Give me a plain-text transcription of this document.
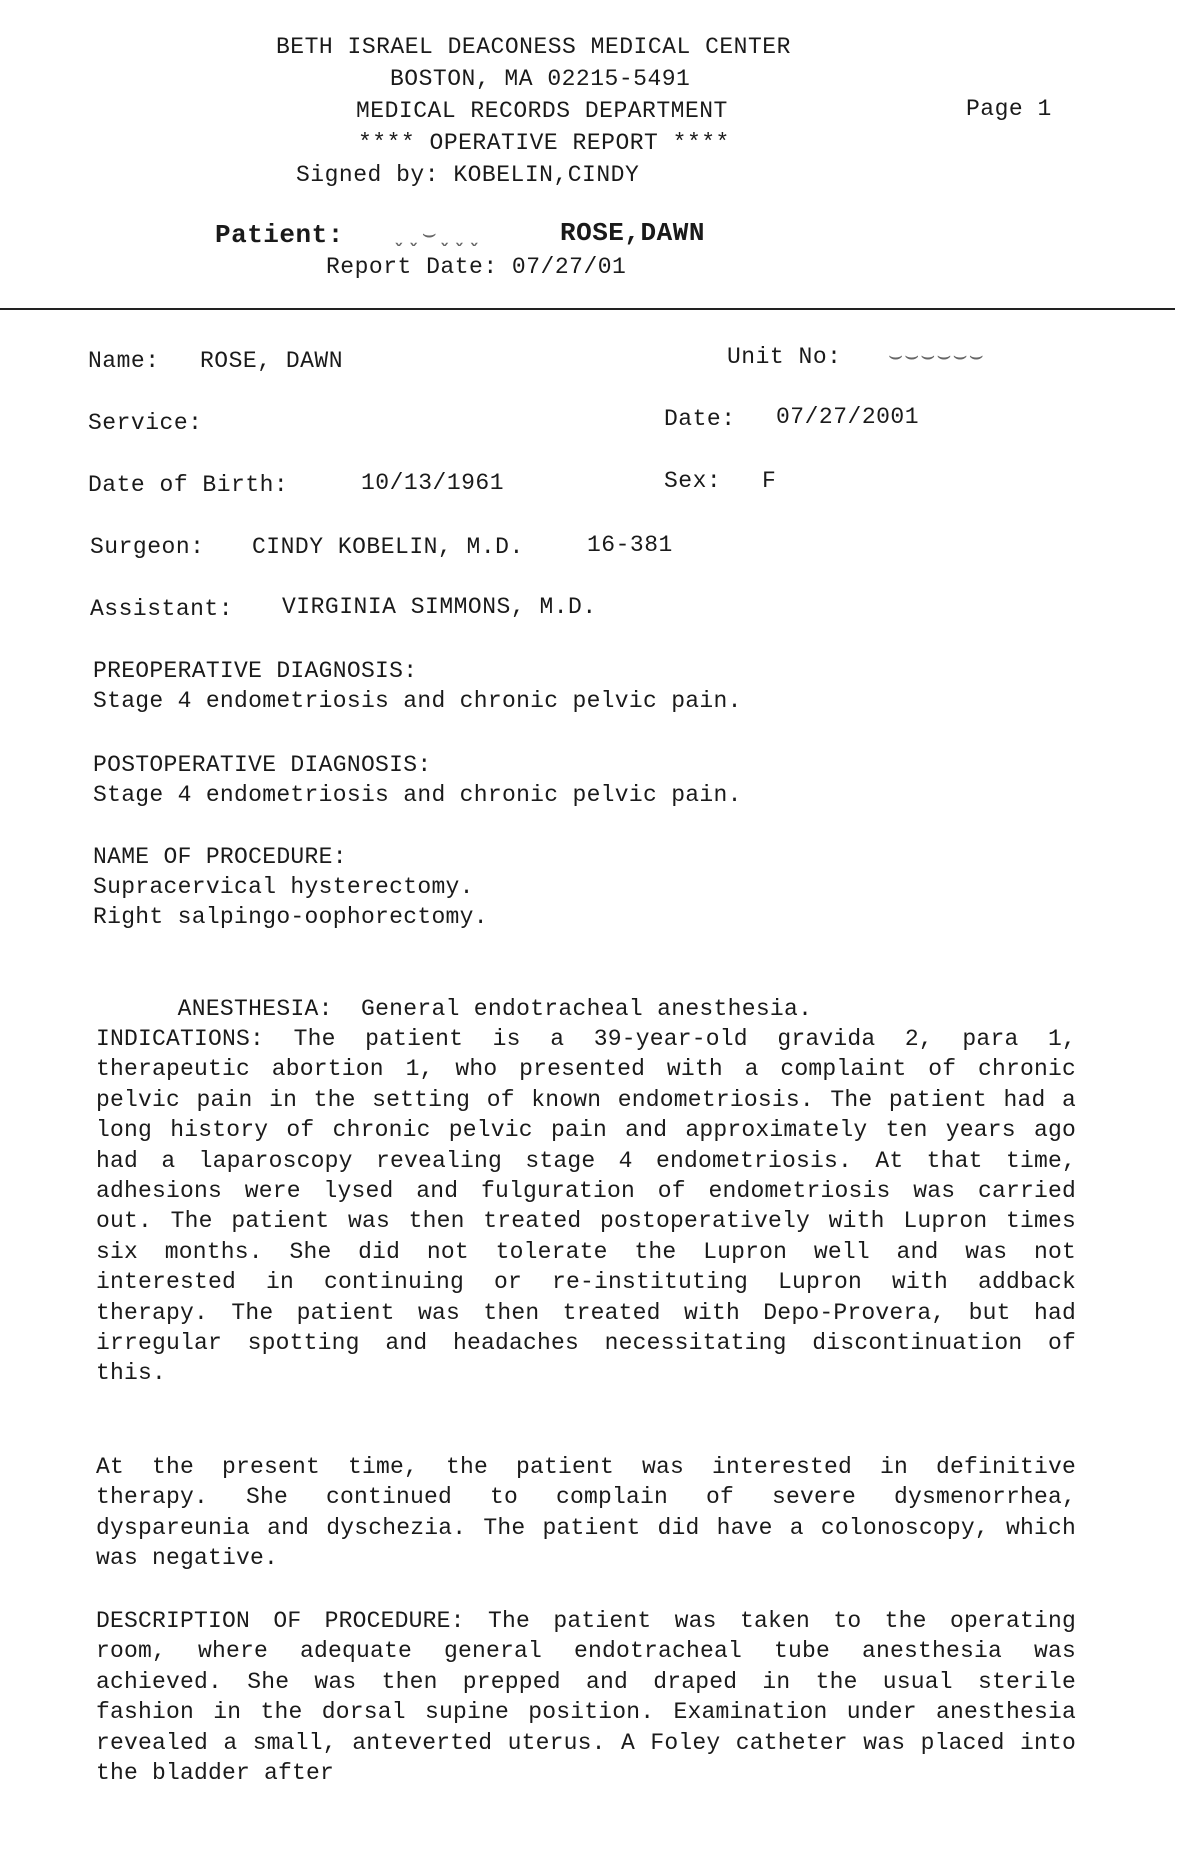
BETH ISRAEL DEACONESS MEDICAL CENTER
BOSTON, MA 02215-5491
MEDICAL RECORDS DEPARTMENT	Page 1
**** OPERATIVE REPORT ****
Signed by: KOBELIN,CINDY
Patient: ˬˬ⌣ˬˬˬ	ROSE,DAWN
Report Date: 07/27/01
Name: ROSE, DAWN	Unit No: ⌣⌣⌣⌣⌣⌣
Service:	Date: 07/27/2001
Date of Birth:	10/13/1961	Sex: F
Surgeon: CINDY KOBELIN, M.D.	16-381
Assistant: VIRGINIA SIMMONS, M.D.
PREOPERATIVE DIAGNOSIS:
Stage 4 endometriosis and chronic pelvic pain.
POSTOPERATIVE DIAGNOSIS:
Stage 4 endometriosis and chronic pelvic pain.
NAME OF PROCEDURE:
Supracervical hysterectomy.
Right salpingo-oophorectomy.

ANESTHESIA: General endotracheal anesthesia.

INDICATIONS: The patient is a 39-year-old gravida 2, para 1, therapeutic abortion 1, who presented with a complaint of chronic pelvic pain in the setting of known endometriosis. The patient had a long history of chronic pelvic pain and approximately ten years ago had a laparoscopy revealing stage 4 endometriosis. At that time, adhesions were lysed and fulguration of endometriosis was carried out. The patient was then treated postoperatively with Lupron times six months. She did not tolerate the Lupron well and was not interested in continuing or re-instituting Lupron with addback therapy. The patient was then treated with Depo-Provera, but had irregular spotting and headaches necessitating discontinuation of this.
At the present time, the patient was interested in definitive therapy. She continued to complain of severe dysmenorrhea, dyspareunia and dyschezia. The patient did have a colonoscopy, which was negative.
DESCRIPTION OF PROCEDURE: The patient was taken to the operating room, where adequate general endotracheal tube anesthesia was achieved. She was then prepped and draped in the usual sterile fashion in the dorsal supine position. Examination under anesthesia revealed a small, anteverted uterus. A Foley catheter was placed into the bladder after
